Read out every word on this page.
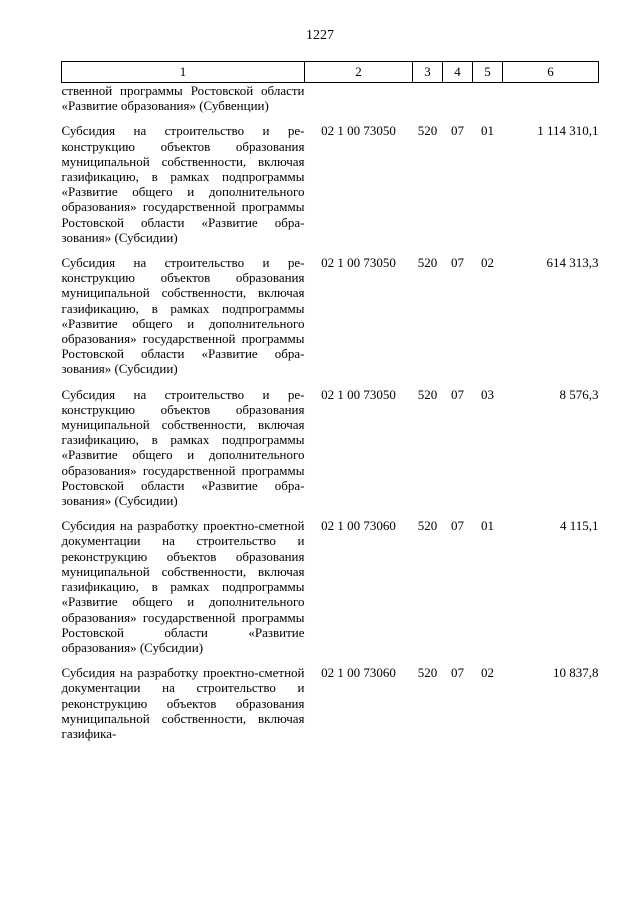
1227
1	2	3	4	5	6
ственной программы Ростовской области «Развитие образования» (Субвенции)					
Субсидия на строительство и реконструкцию объектов образования муниципальной собственности, включая газификацию, в рамках подпрограммы «Развитие общего и дополнительного образования» государственной программы Ростовской области «Развитие образования» (Субсидии)	02 1 00 73050	520	07	01	1 114 310,1
Субсидия на строительство и реконструкцию объектов образования муниципальной собственности, включая газификацию, в рамках подпрограммы «Развитие общего и дополнительного образования» государственной программы Ростовской области «Развитие образования» (Субсидии)	02 1 00 73050	520	07	02	614 313,3
Субсидия на строительство и реконструкцию объектов образования муниципальной собственности, включая газификацию, в рамках подпрограммы «Развитие общего и дополнительного образования» государственной программы Ростовской области «Развитие образования» (Субсидии)	02 1 00 73050	520	07	03	8 576,3
Субсидия на разработку проектно-сметной документации на строительство и реконструкцию объектов образования муниципальной собственности, включая газификацию, в рамках подпрограммы «Развитие общего и дополнительного образования» государственной программы Ростовской области «Развитие образования» (Субсидии)	02 1 00 73060	520	07	01	4 115,1
Субсидия на разработку проектно-сметной документации на строительство и реконструкцию объектов образования муниципальной собственности, включая газифика-	02 1 00 73060	520	07	02	10 837,8
